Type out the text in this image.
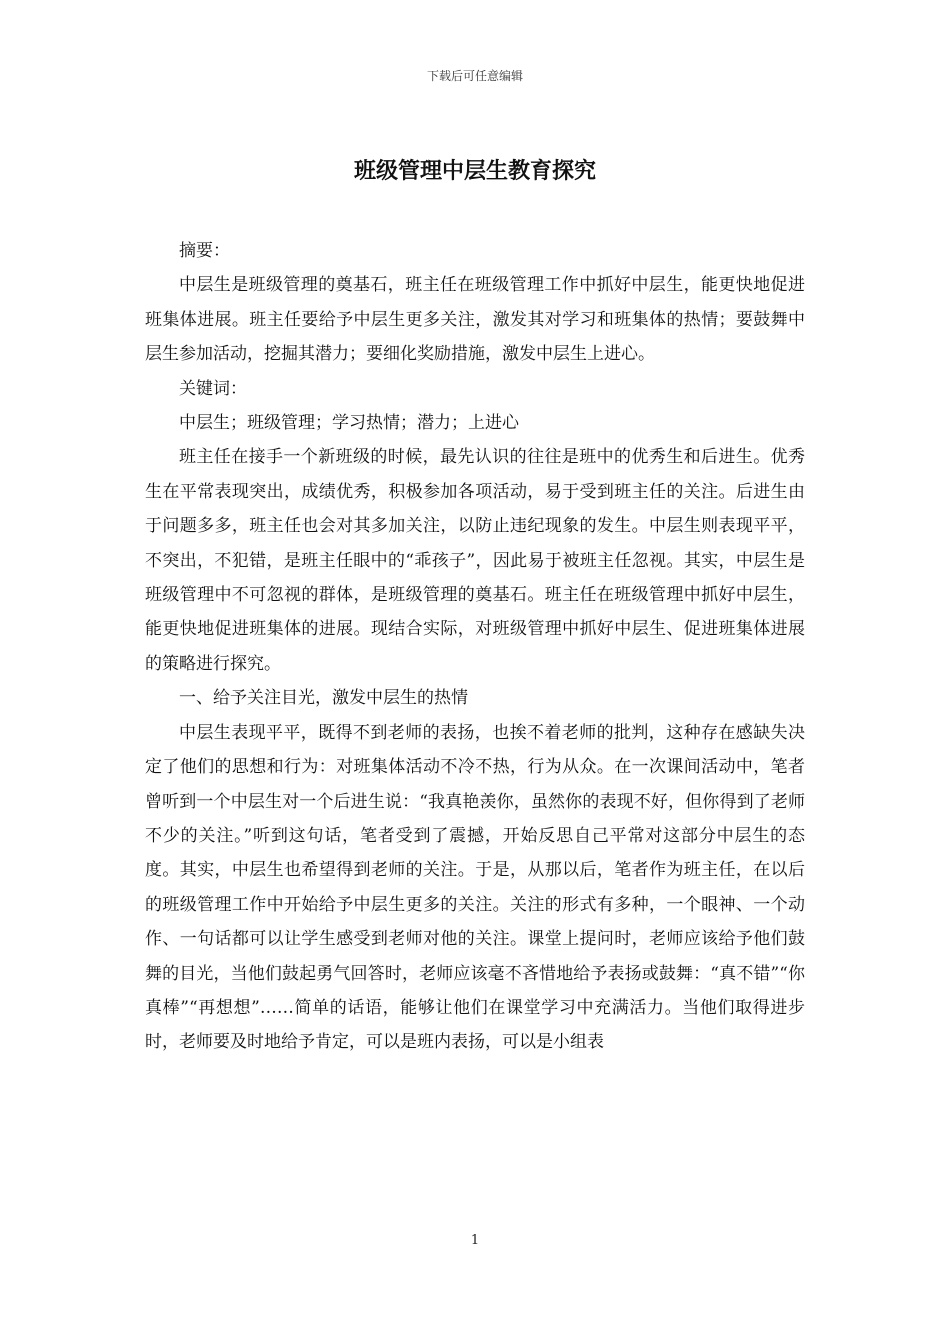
下载后可任意编辑
班级管理中层生教育探究

摘要：

中层生是班级管理的奠基石，班主任在班级管理工作中抓好中层生，能更快地促进班集体进展。班主任要给予中层生更多关注，激发其对学习和班集体的热情；要鼓舞中层生参加活动，挖掘其潜力；要细化奖励措施，激发中层生上进心。

关键词：

中层生；班级管理；学习热情；潜力；上进心

班主任在接手一个新班级的时候，最先认识的往往是班中的优秀生和后进生。优秀生在平常表现突出，成绩优秀，积极参加各项活动，易于受到班主任的关注。后进生由于问题多多，班主任也会对其多加关注，以防止违纪现象的发生。中层生则表现平平，不突出，不犯错，是班主任眼中的“乖孩子”，因此易于被班主任忽视。其实，中层生是班级管理中不可忽视的群体，是班级管理的奠基石。班主任在班级管理中抓好中层生，能更快地促进班集体的进展。现结合实际，对班级管理中抓好中层生、促进班集体进展的策略进行探究。

一、给予关注目光，激发中层生的热情

中层生表现平平，既得不到老师的表扬，也挨不着老师的批判，这种存在感缺失决定了他们的思想和行为：对班集体活动不冷不热，行为从众。在一次课间活动中，笔者曾听到一个中层生对一个后进生说：“我真艳羡你，虽然你的表现不好，但你得到了老师不少的关注。”听到这句话，笔者受到了震撼，开始反思自己平常对这部分中层生的态度。其实，中层生也希望得到老师的关注。于是，从那以后，笔者作为班主任，在以后的班级管理工作中开始给予中层生更多的关注。关注的形式有多种，一个眼神、一个动作、一句话都可以让学生感受到老师对他的关注。课堂上提问时，老师应该给予他们鼓舞的目光，当他们鼓起勇气回答时，老师应该毫不吝惜地给予表扬或鼓舞：“真不错”“你真棒”“再想想”……简单的话语，能够让他们在课堂学习中充满活力。当他们取得进步时，老师要及时地给予肯定，可以是班内表扬，可以是小组表

1
